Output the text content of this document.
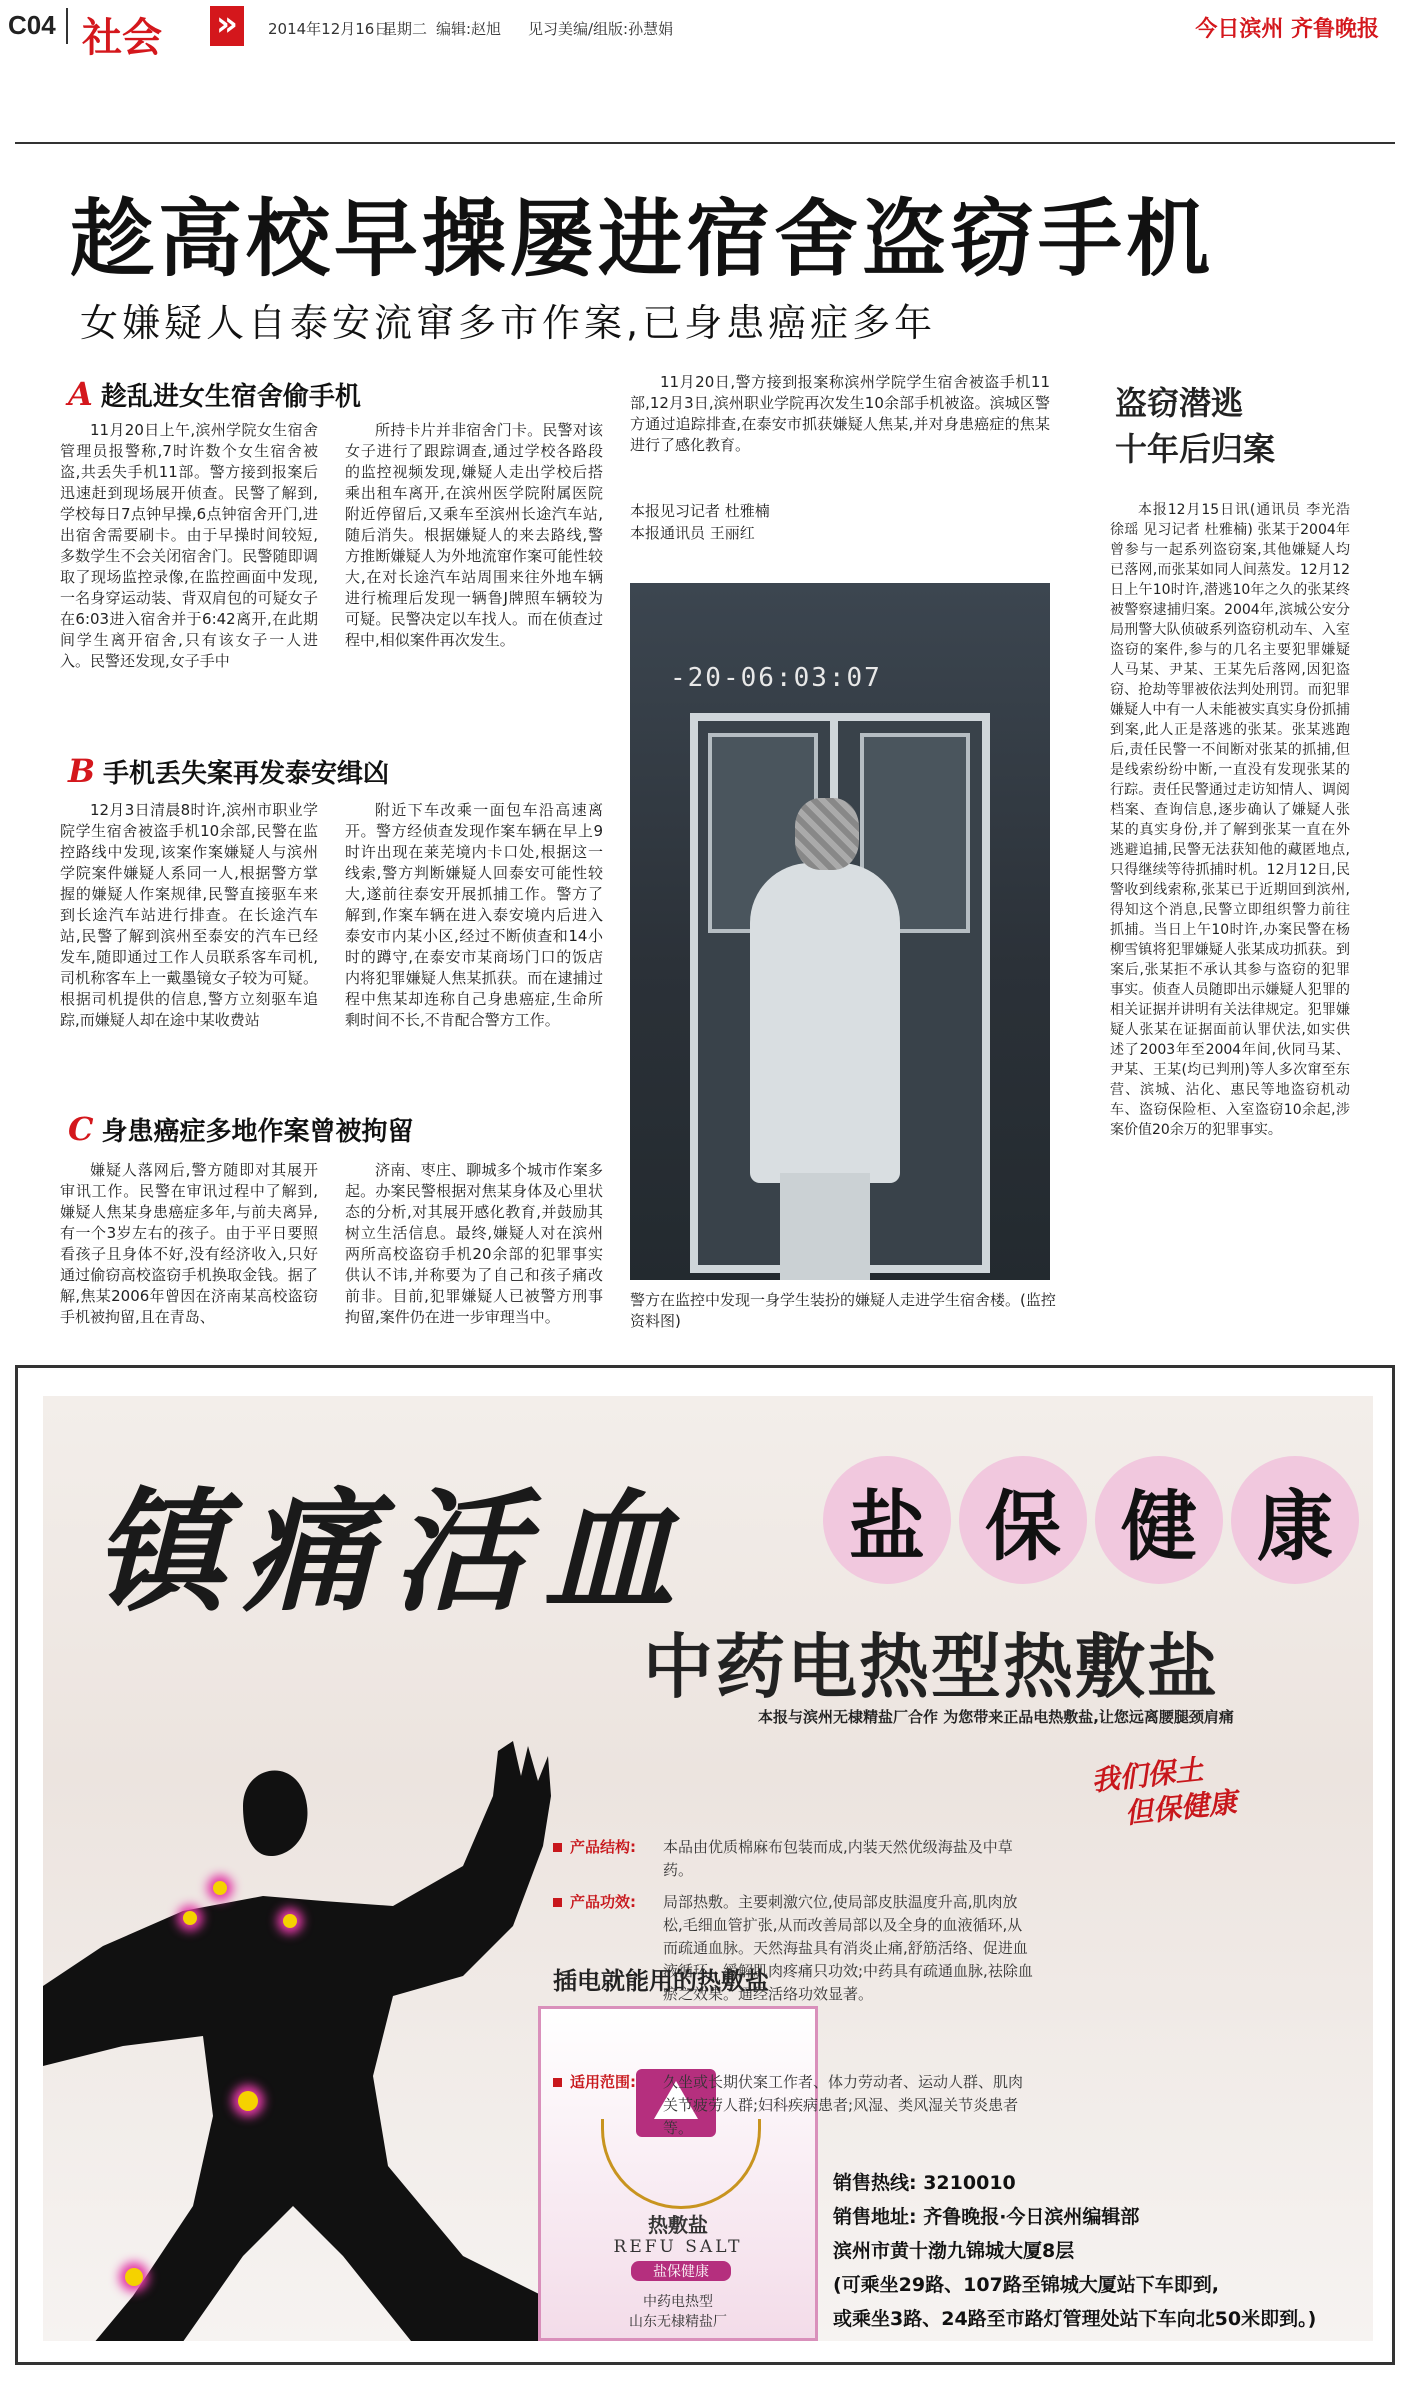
C04 社会
»	2014年12月16日
星期二 编辑:赵旭 见习美编/组版:孙慧娟	今日滨州 齐鲁晚报
趁高校早操屡进宿舍盗窃手机
女嫌疑人自泰安流窜多市作案,已身患癌症多年
A 趁乱进女生宿舍偷手机

11月20日上午,滨州学院女生宿舍管理员报警称,7时许数个女生宿舍被盗,共丢失手机11部。警方接到报案后迅速赶到现场展开侦查。民警了解到,学校每日7点钟早操,6点钟宿舍开门,进出宿舍需要刷卡。由于早操时间较短,多数学生不会关闭宿舍门。民警随即调取了现场监控录像,在监控画面中发现,一名身穿运动装、背双肩包的可疑女子在6:03进入宿舍并于6:42离开,在此期间学生离开宿舍,只有该女子一人进入。民警还发现,女子手中

所持卡片并非宿舍门卡。民警对该女子进行了跟踪调查,通过学校各路段的监控视频发现,嫌疑人走出学校后搭乘出租车离开,在滨州医学院附属医院附近停留后,又乘车至滨州长途汽车站,随后消失。根据嫌疑人的来去路线,警方推断嫌疑人为外地流窜作案可能性较大,在对长途汽车站周围来往外地车辆进行梳理后发现一辆鲁J牌照车辆较为可疑。民警决定以车找人。而在侦查过程中,相似案件再次发生。

B 手机丢失案再发泰安缉凶

12月3日清晨8时许,滨州市职业学院学生宿舍被盗手机10余部,民警在监控路线中发现,该案作案嫌疑人与滨州学院案件嫌疑人系同一人,根据警方掌握的嫌疑人作案规律,民警直接驱车来到长途汽车站进行排查。在长途汽车站,民警了解到滨州至泰安的汽车已经发车,随即通过工作人员联系客车司机,司机称客车上一戴墨镜女子较为可疑。根据司机提供的信息,警方立刻驱车追踪,而嫌疑人却在途中某收费站

附近下车改乘一面包车沿高速离开。警方经侦查发现作案车辆在早上9时许出现在莱芜境内卡口处,根据这一线索,警方判断嫌疑人回泰安可能性较大,遂前往泰安开展抓捕工作。警方了解到,作案车辆在进入泰安境内后进入泰安市内某小区,经过不断侦查和14小时的蹲守,在泰安市某商场门口的饭店内将犯罪嫌疑人焦某抓获。而在逮捕过程中焦某却连称自己身患癌症,生命所剩时间不长,不肯配合警方工作。

C 身患癌症多地作案曾被拘留

嫌疑人落网后,警方随即对其展开审讯工作。民警在审讯过程中了解到,嫌疑人焦某身患癌症多年,与前夫离异,有一个3岁左右的孩子。由于平日要照看孩子且身体不好,没有经济收入,只好通过偷窃高校盗窃手机换取金钱。据了解,焦某2006年曾因在济南某高校盗窃手机被拘留,且在青岛、

济南、枣庄、聊城多个城市作案多起。办案民警根据对焦某身体及心里状态的分析,对其展开感化教育,并鼓励其树立生活信息。最终,嫌疑人对在滨州两所高校盗窃手机20余部的犯罪事实供认不讳,并称要为了自己和孩子痛改前非。目前,犯罪嫌疑人已被警方刑事拘留,案件仍在进一步审理当中。

11月20日,警方接到报案称滨州学院学生宿舍被盗手机11部,12月3日,滨州职业学院再次发生10余部手机被盗。滨城区警方通过追踪排查,在泰安市抓获嫌疑人焦某,并对身患癌症的焦某进行了感化教育。

本报见习记者 杜雅楠
本报通讯员 王丽红
-20-06:03:07
警方在监控中发现一身学生装扮的嫌疑人走进学生宿舍楼。(监控资料图)
盗窃潜逃
十年后归案

本报12月15日讯(通讯员 李光浩 徐瑶 见习记者 杜雅楠) 张某于2004年曾参与一起系列盗窃案,其他嫌疑人均已落网,而张某如同人间蒸发。12月12日上午10时许,潜逃10年之久的张某终被警察逮捕归案。2004年,滨城公安分局刑警大队侦破系列盗窃机动车、入室盗窃的案件,参与的几名主要犯罪嫌疑人马某、尹某、王某先后落网,因犯盗窃、抢劫等罪被依法判处刑罚。而犯罪嫌疑人中有一人未能被实真实身份抓捕到案,此人正是落逃的张某。张某逃跑后,责任民警一不间断对张某的抓捕,但是线索纷纷中断,一直没有发现张某的行踪。责任民警通过走访知情人、调阅档案、查询信息,逐步确认了嫌疑人张某的真实身份,并了解到张某一直在外逃避追捕,民警无法获知他的藏匿地点,只得继续等待抓捕时机。12月12日,民警收到线索称,张某已于近期回到滨州,得知这个消息,民警立即组织警力前往抓捕。当日上午10时许,办案民警在杨柳雪镇将犯罪嫌疑人张某成功抓获。到案后,张某拒不承认其参与盗窃的犯罪事实。侦查人员随即出示嫌疑人犯罪的相关证据并讲明有关法律规定。犯罪嫌疑人张某在证据面前认罪伏法,如实供述了2003年至2004年间,伙同马某、尹某、王某(均已判刑)等人多次窜至东营、滨城、沾化、惠民等地盗窃机动车、盗窃保险柜、入室盗窃10余起,涉案价值20余万的犯罪事实。

镇痛活血	盐 保 健 康
中药电热型热敷盐
本报与滨州无棣精盐厂合作 为您带来正品电热敷盐,让您远离腰腿颈肩痛
我们保土
但保健康
插电就能用的热敷盐
热敷盐
REFU SALT
盐保健康
中药电热型
山东无棣精盐厂
产品结构:	本品由优质棉麻布包装而成,内装天然优级海盐及中草药。
产品功效:	局部热敷。主要刺激穴位,使局部皮肤温度升高,肌肉放松,毛细血管扩张,从而改善局部以及全身的血液循环,从而疏通血脉。天然海盐具有消炎止痛,舒筋活络、促进血液循环、缓解肌肉疼痛只功效;中药具有疏通血脉,祛除血瘀之效果。通经活络功效显著。
适用范围:	久坐或长期伏案工作者、体力劳动者、运动人群、肌肉关节疲劳人群;妇科疾病患者;风湿、类风湿关节炎患者等。
销售热线: 3210010
销售地址: 齐鲁晚报·今日滨州编辑部
滨州市黄十渤九锦城大厦8层
(可乘坐29路、107路至锦城大厦站下车即到,
或乘坐3路、24路至市路灯管理处站下车向北50米即到。)
